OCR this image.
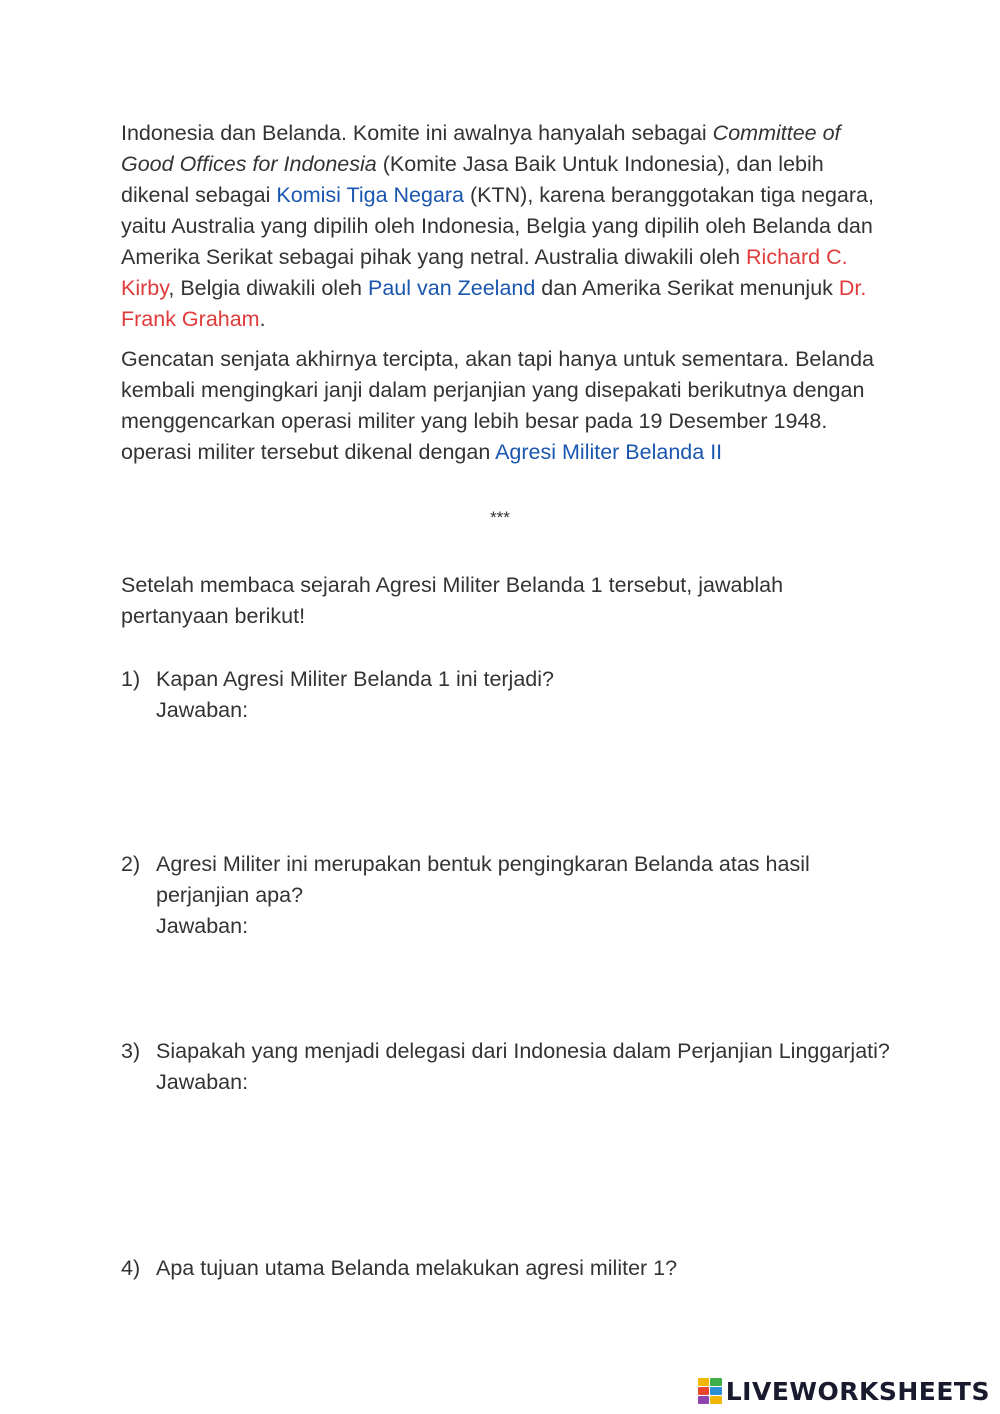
Indonesia dan Belanda. Komite ini awalnya hanyalah sebagai Committee of Good Offices for Indonesia (Komite Jasa Baik Untuk Indonesia), dan lebih dikenal sebagai Komisi Tiga Negara (KTN), karena beranggotakan tiga negara, yaitu Australia yang dipilih oleh Indonesia, Belgia yang dipilih oleh Belanda dan Amerika Serikat sebagai pihak yang netral. Australia diwakili oleh Richard C. Kirby, Belgia diwakili oleh Paul van Zeeland dan Amerika Serikat menunjuk Dr. Frank Graham.

Gencatan senjata akhirnya tercipta, akan tapi hanya untuk sementara. Belanda kembali mengingkari janji dalam perjanjian yang disepakati berikutnya dengan menggencarkan operasi militer yang lebih besar pada 19 Desember 1948. operasi militer tersebut dikenal dengan Agresi Militer Belanda II

***

Setelah membaca sejarah Agresi Militer Belanda 1 tersebut, jawablah pertanyaan berikut!

1) Kapan Agresi Militer Belanda 1 ini terjadi?
Jawaban:
2) Agresi Militer ini merupakan bentuk pengingkaran Belanda atas hasil perjanjian apa?
Jawaban:
3) Siapakah yang menjadi delegasi dari Indonesia dalam Perjanjian Linggarjati?
Jawaban:
4) Apa tujuan utama Belanda melakukan agresi militer 1?
LIVEWORKSHEETS
